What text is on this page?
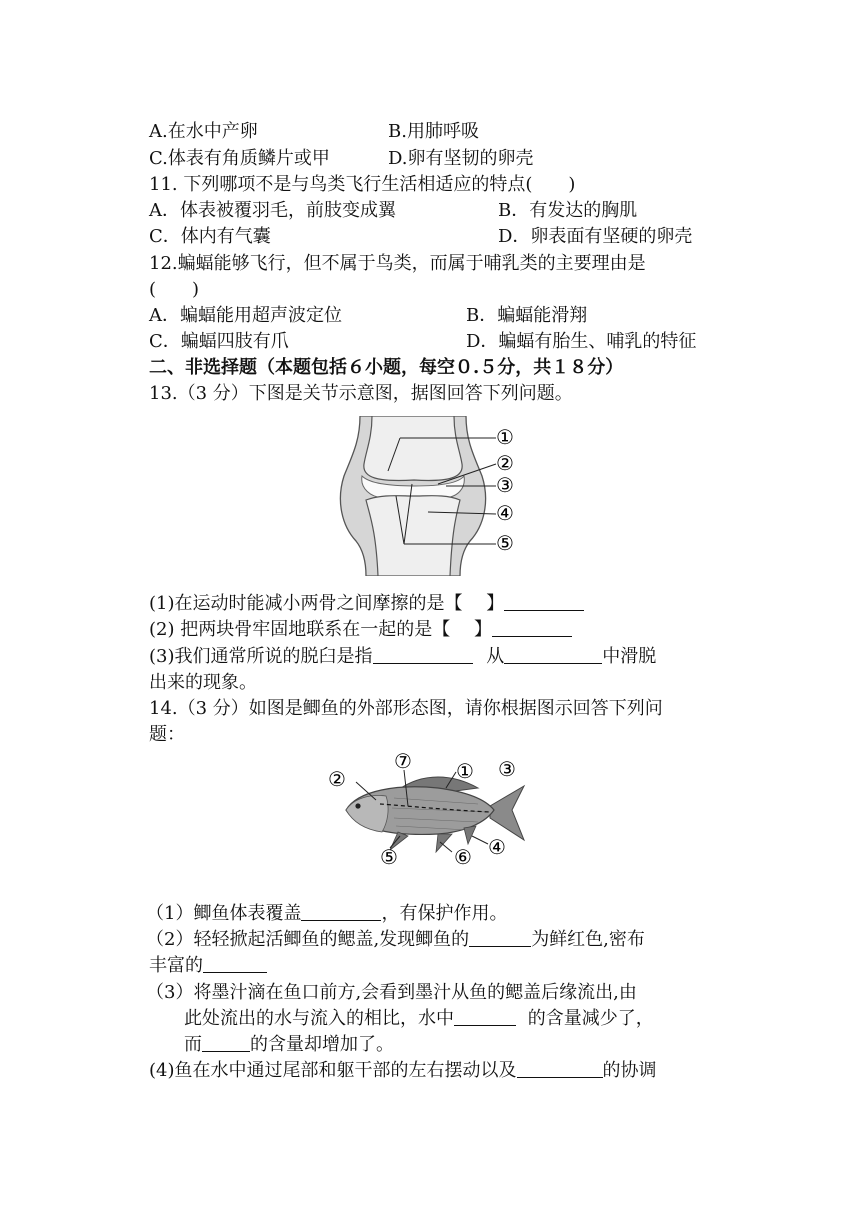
A.在水中产卵	B.用肺呼吸
C.体表有角质鳞片或甲	D.卵有坚韧的卵壳
11. 下列哪项不是与鸟类飞行生活相适应的特点(　　)
A．体表被覆羽毛，前肢变成翼	B．有发达的胸肌
C．体内有气囊	D．卵表面有坚硬的卵壳
12.蝙蝠能够飞行，但不属于鸟类，而属于哺乳类的主要理由是
(　　)
A．蝙蝠能用超声波定位	B．蝙蝠能滑翔
C．蝙蝠四肢有爪	D．蝙蝠有胎生、哺乳的特征
二、非选择题（本题包括６小题，每空０.５分，共１８分）
13.（3 分）下图是关节示意图，据图回答下列问题。
①
②
③
④
⑤
(1)在运动时能减小两骨之间摩擦的是【　 】
(2) 把两块骨牢固地联系在一起的是【　 】
(3)我们通常所说的脱臼是指	从	中滑脱
出来的现象。
14.（3 分）如图是鲫鱼的外部形态图，请你根据图示回答下列问
题：
②
⑦ ① ③
④
⑥
⑤
（1）鲫鱼体表覆盖	，有保护作用。
（2）轻轻掀起活鲫鱼的鳃盖,发现鲫鱼的	为鲜红色,密布
丰富的
（3）将墨汁滴在鱼口前方,会看到墨汁从鱼的鳃盖后缘流出,由
此处流出的水与流入的相比，水中	的含量减少了，
而	的含量却增加了。
(4)鱼在水中通过尾部和躯干部的左右摆动以及	的协调
